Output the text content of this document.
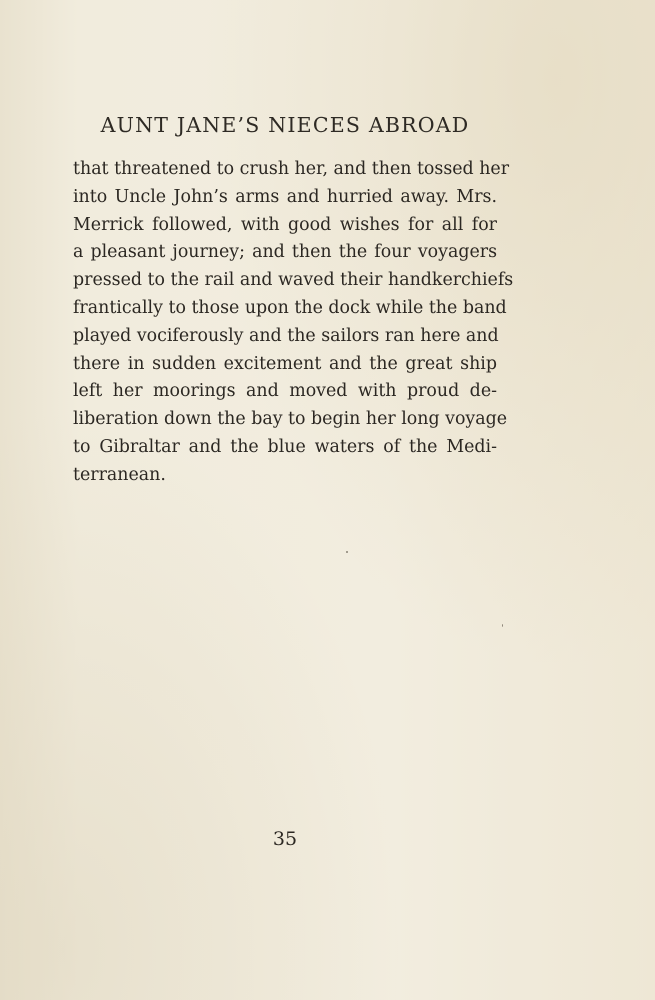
AUNT JANE’S NIECES ABROAD
that threatened to crush her, and then tossed her
into Uncle John’s arms and hurried away. Mrs.
Merrick followed, with good wishes for all for
a pleasant journey; and then the four voyagers
pressed to the rail and waved their handkerchiefs
frantically to those upon the dock while the band
played vociferously and the sailors ran here and
there in sudden excitement and the great ship
left her moorings and moved with proud de-
liberation down the bay to begin her long voyage
to Gibraltar and the blue waters of the Medi-
terranean.
35
